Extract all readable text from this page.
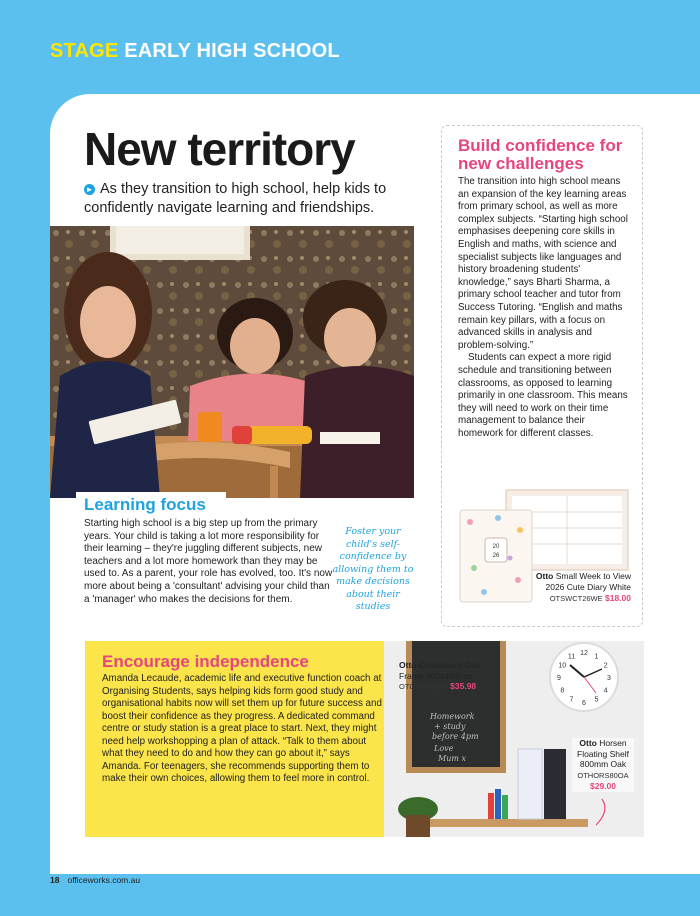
STAGE EARLY HIGH SCHOOL
New territory
► As they transition to high school, help kids to confidently navigate learning and friendships.
Learning focus
Starting high school is a big step up from the primary years. Your child is taking a lot more responsibility for their learning – they're juggling different subjects, new teachers and a lot more homework than they may be used to. As a parent, your role has evolved, too. It's now more about being a 'consultant' advising your child than a 'manager' who makes the decisions for them.
Foster your child's self-confidence by allowing them to make decisions about their studies
Build confidence for new challenges

The transition into high school means an expansion of the key learning areas from primary school, as well as more complex subjects. “Starting high school emphasises deepening core skills in English and maths, with science and specialist subjects like languages and history broadening students' knowledge,” says Bharti Sharma, a primary school teacher and tutor from Success Tutoring. “English and maths remain key pillars, with a focus on advanced skills in analysis and problem-solving.”

Students can expect a more rigid schedule and transitioning between classrooms, as opposed to learning primarily in one classroom. This means they will need to work on their time management to balance their homework for different classes.

20
26
Otto Small Week to View 2026 Cute Diary White
OTSWCT26WE $18.00
Encourage independence
Amanda Lecaude, academic life and executive function coach at Organising Students, says helping kids form good study and organisational habits now will set them up for future success and boost their confidence as they progress. A dedicated command centre or study station is a great place to start. Next, they might need help workshopping a plan of attack. “Talk to them about what they need to do and how they can go about it,” says Amanda. For teenagers, she recommends supporting them to make their own choices, allowing them to feel more in control.
Homework
+ study
before 4pm
Love
Mum x
12 1
2
3
4
5
6
7
8
9
10
11
Otto Chalkboard Oak Frame 900x450mm
OTCHOK9045 $35.98
Otto Horsen Floating Shelf 800mm Oak
OTHORS80OA
$29.00
18 officeworks.com.au
